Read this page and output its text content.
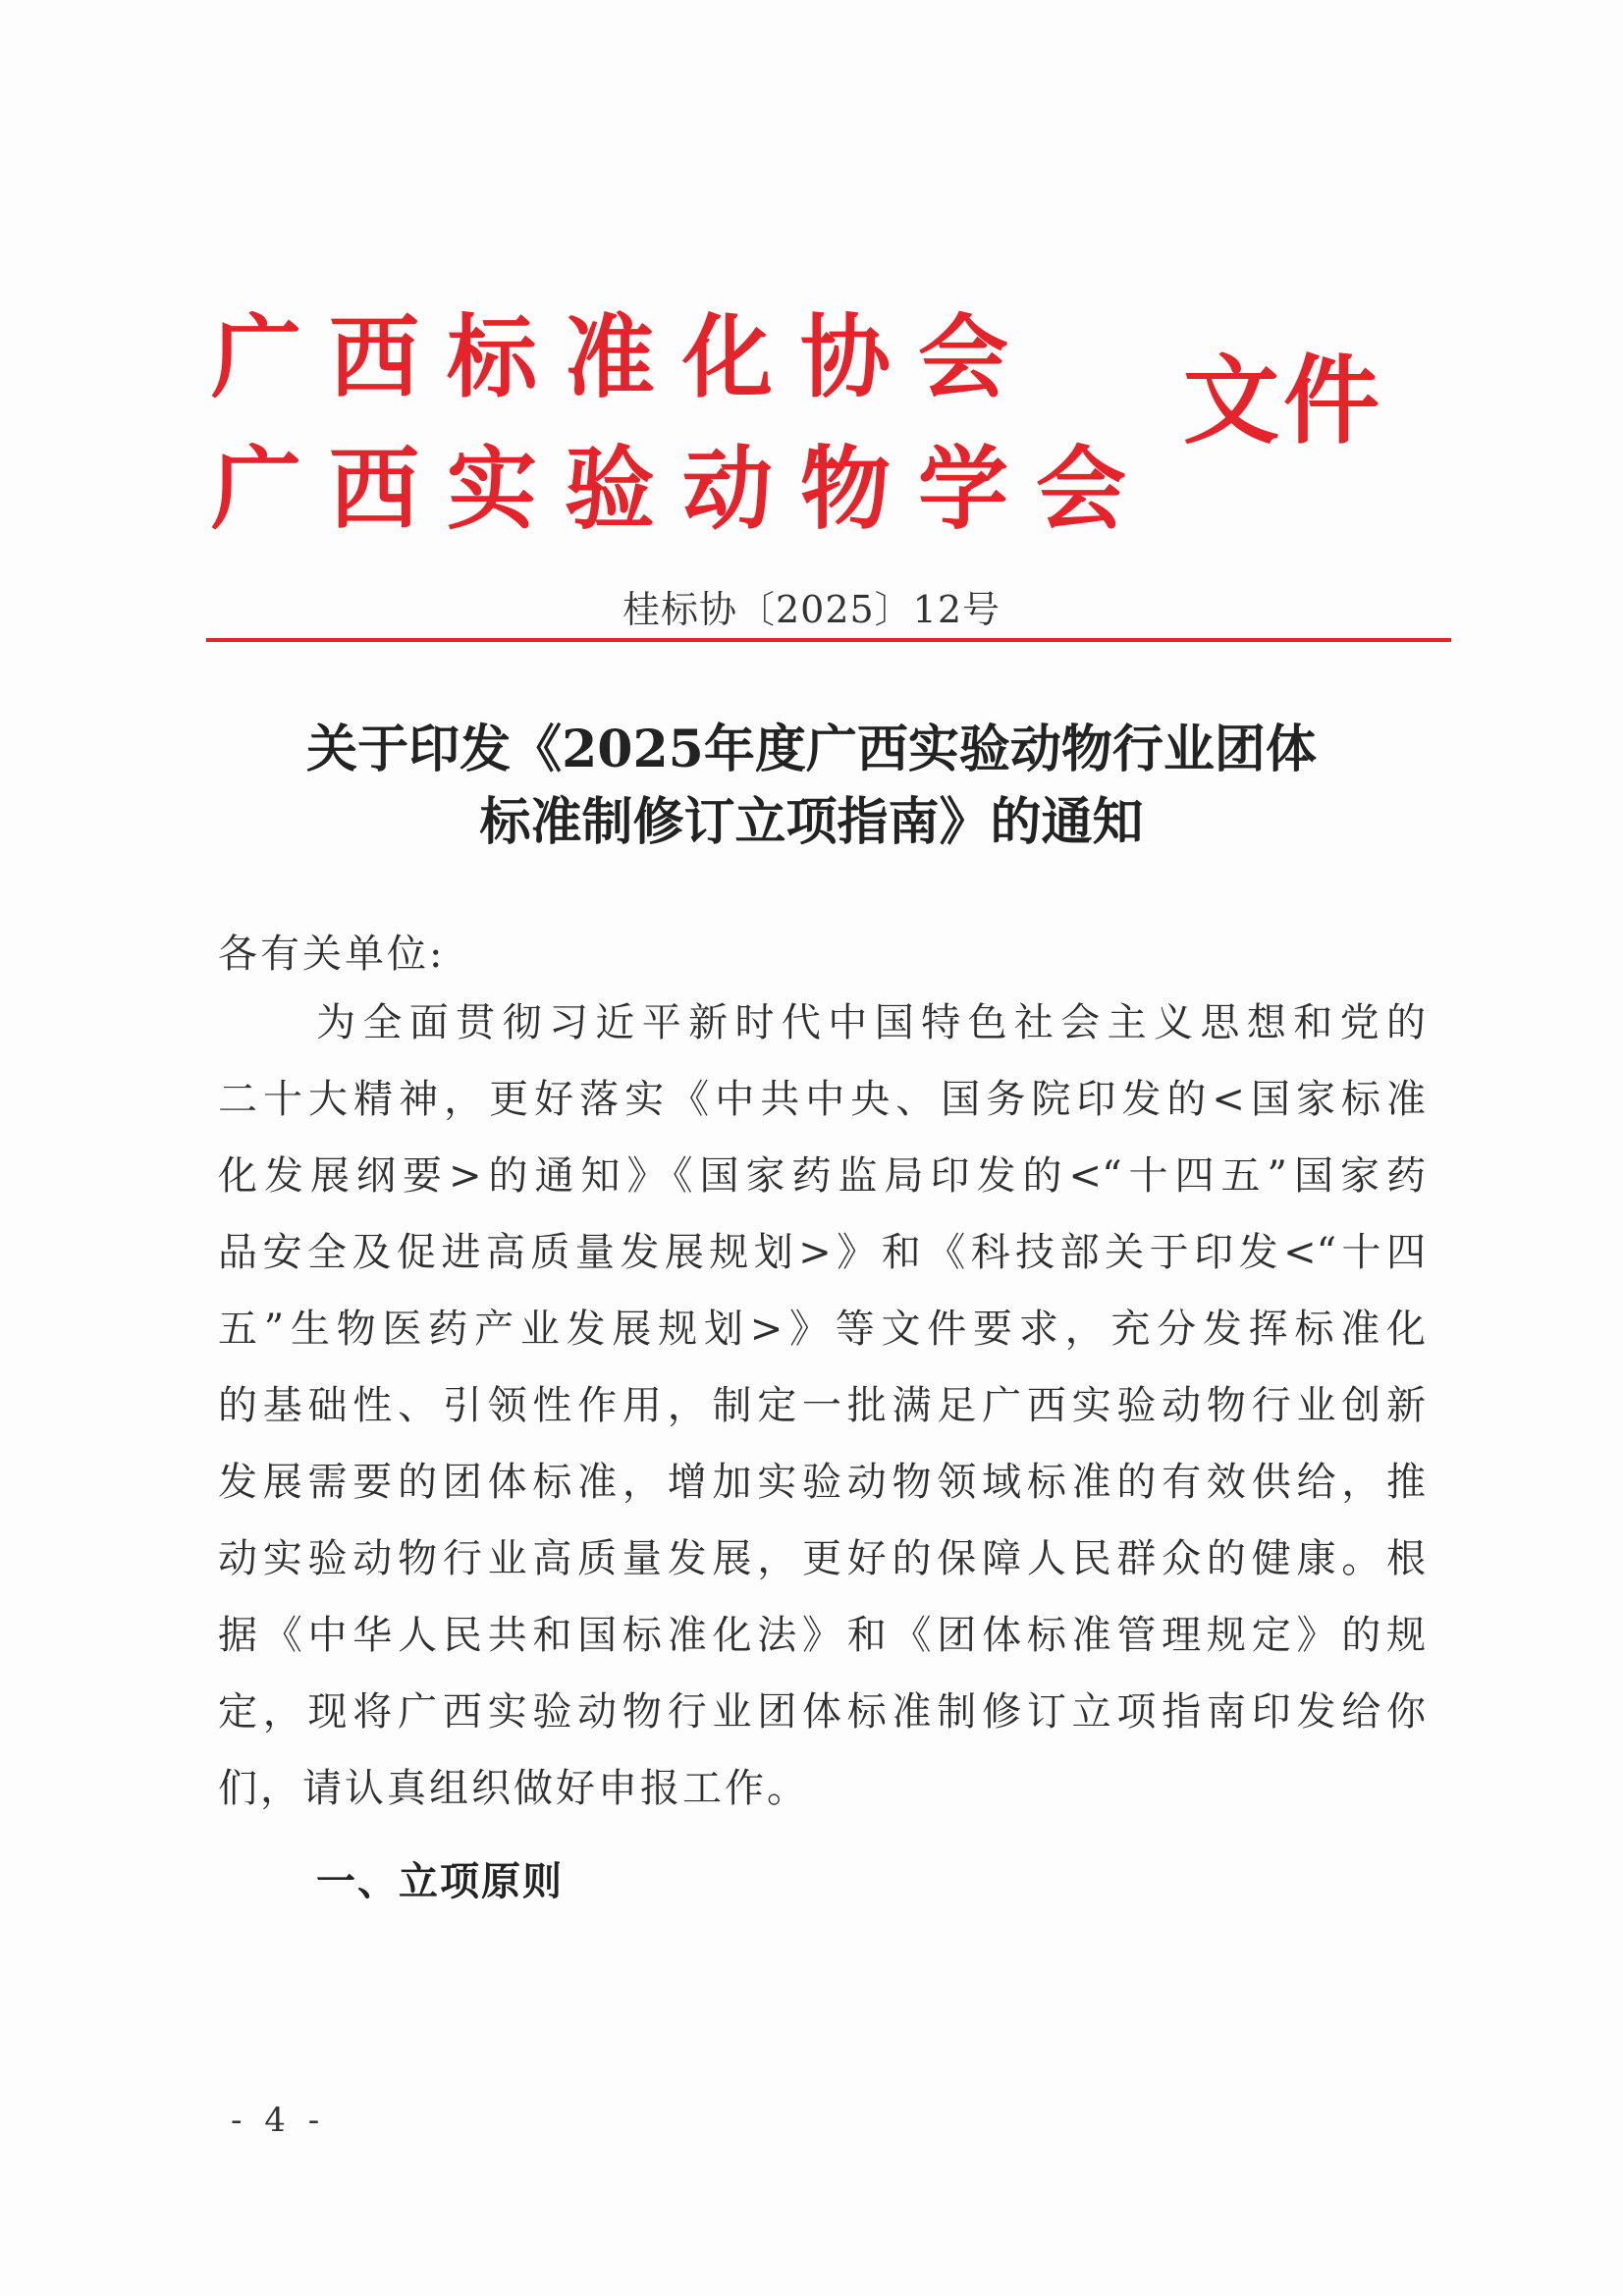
广西标准化协会
广西实验动物学会
文件
桂标协〔2025〕12号
关于印发《2025年度广西实验动物行业团体
标准制修订立项指南》的通知
各有关单位:
为全面贯彻习近平新时代中国特色社会主义思想和党的
二十大精神，更好落实《中共中央、国务院印发的<国家标准
化发展纲要>的通知》《国家药监局印发的<“十四五”国家药
品安全及促进高质量发展规划>》和《科技部关于印发<“十四
五”生物医药产业发展规划>》等文件要求，充分发挥标准化
的基础性、引领性作用，制定一批满足广西实验动物行业创新
发展需要的团体标准，增加实验动物领域标准的有效供给，推
动实验动物行业高质量发展，更好的保障人民群众的健康。根
据《中华人民共和国标准化法》和《团体标准管理规定》的规
定，现将广西实验动物行业团体标准制修订立项指南印发给你
们，请认真组织做好申报工作。
一、立项原则
- 4 -
